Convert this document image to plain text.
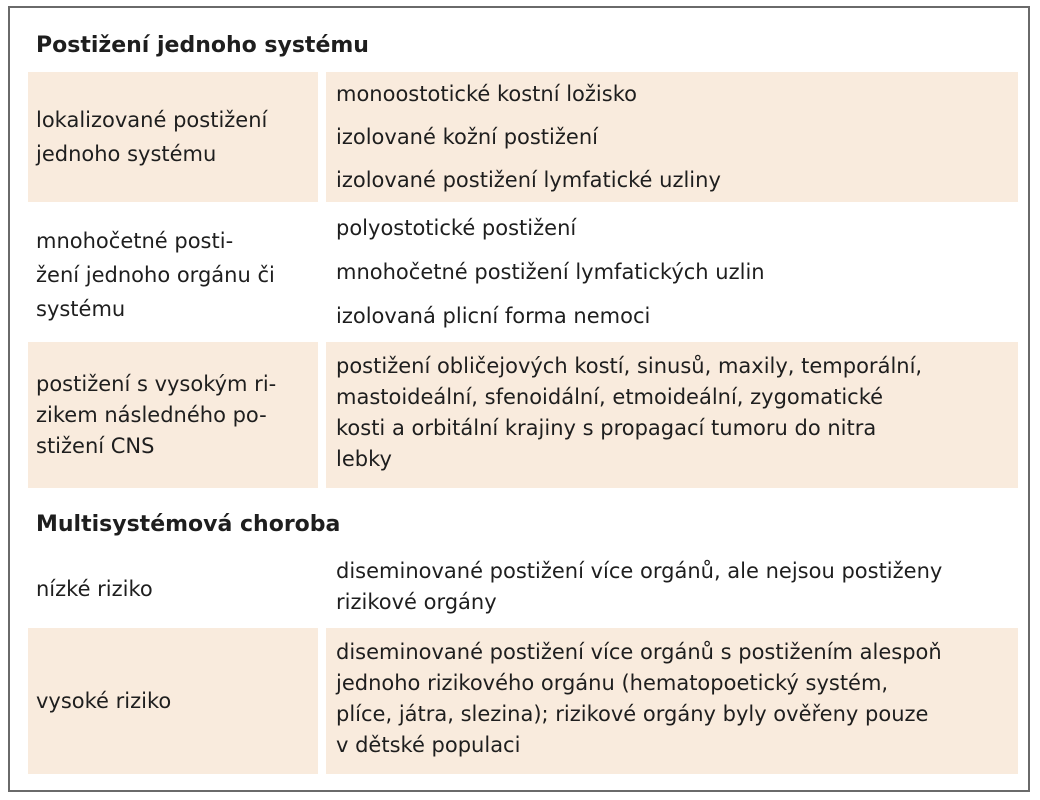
Postižení jednoho systému
lokalizované postižení
jednoho systému
monoostotické kostní ložisko
izolované kožní postižení
izolované postižení lymfatické uzliny
mnohočetné posti-
žení jednoho orgánu či
systému
polyostotické postižení
mnohočetné postižení lymfatických uzlin
izolovaná plicní forma nemoci
postižení s vysokým ri-
zikem následného po-
stižení CNS
postižení obličejových kostí, sinusů, maxily, temporální,
mastoideální, sfenoidální, etmoideální, zygomatické
kosti a orbitální krajiny s propagací tumoru do nitra
lebky
Multisystémová choroba
nízké riziko
diseminované postižení více orgánů, ale nejsou postiženy
rizikové orgány
vysoké riziko
diseminované postižení více orgánů s postižením alespoň
jednoho rizikového orgánu (hematopoetický systém,
plíce, játra, slezina); rizikové orgány byly ověřeny pouze
v dětské populaci
